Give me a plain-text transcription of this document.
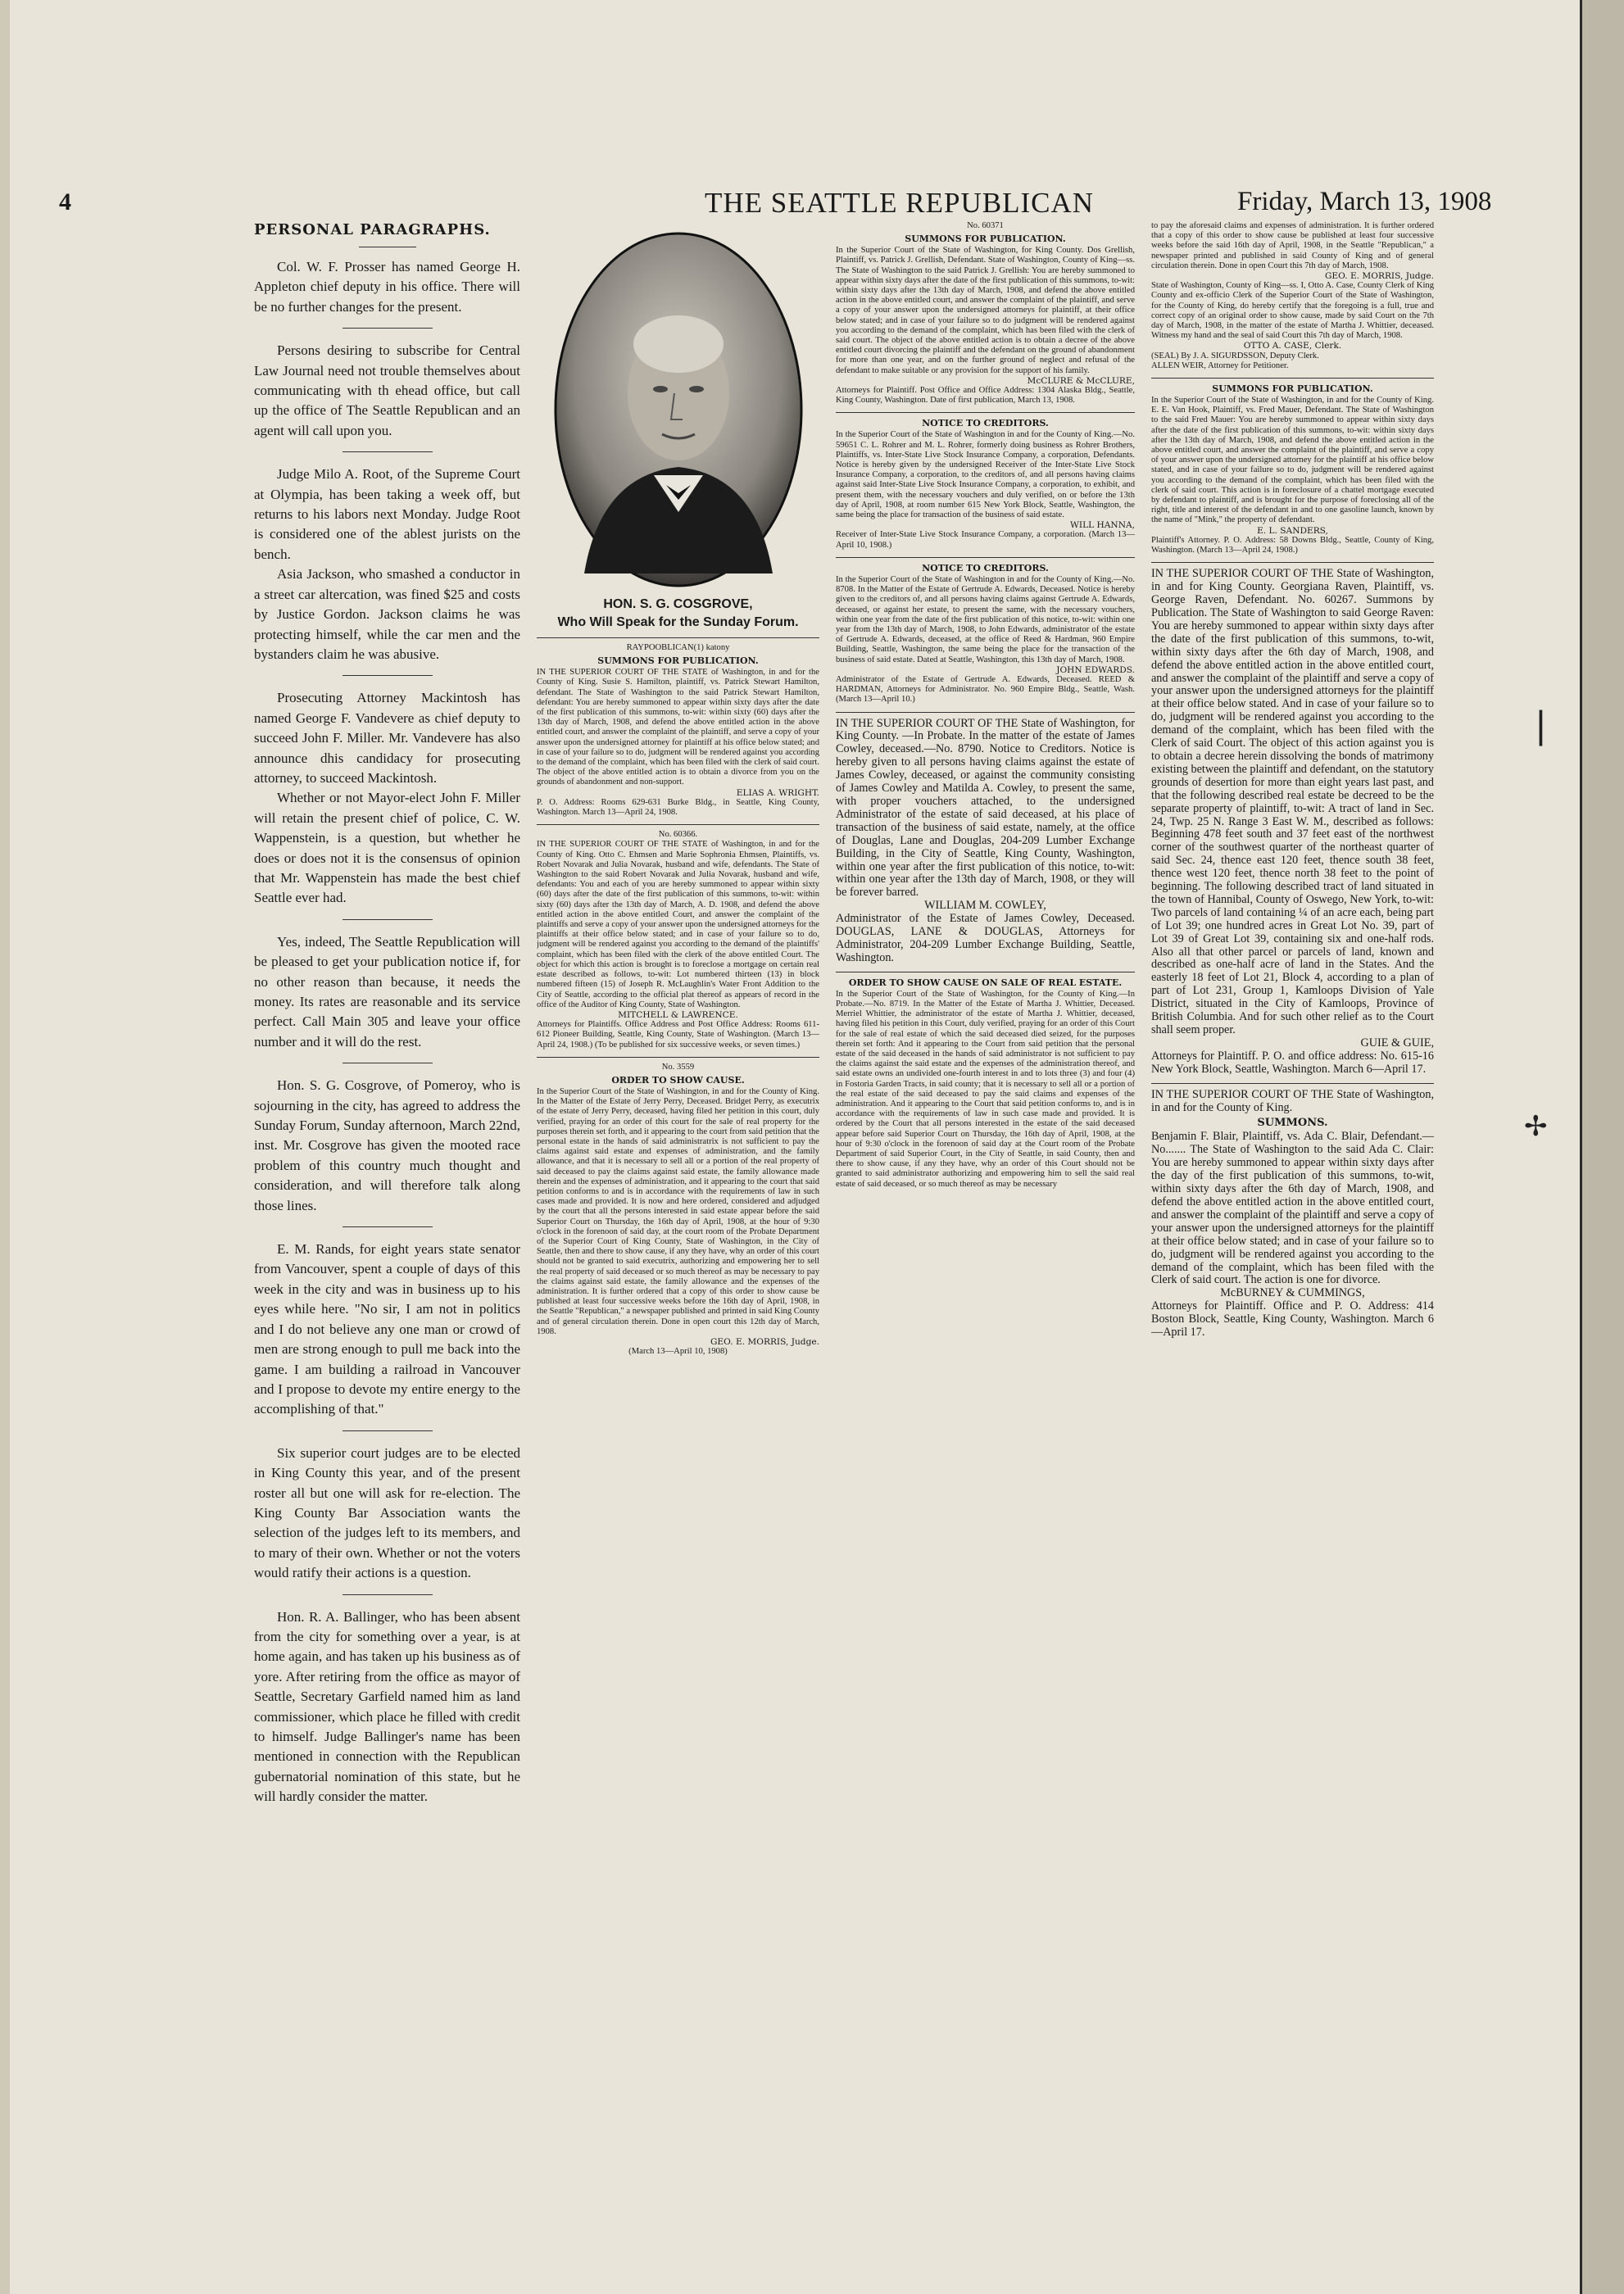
4	THE SEATTLE REPUBLICAN	Friday, March 13, 1908
PERSONAL PARAGRAPHS.

Col. W. F. Prosser has named George H. Appleton chief deputy in his office. There will be no further changes for the present.

Persons desiring to subscribe for Central Law Journal need not trouble themselves about communicating with th ehead office, but call up the office of The Seattle Republican and an agent will call upon you.

Judge Milo A. Root, of the Supreme Court at Olympia, has been taking a week off, but returns to his labors next Monday. Judge Root is considered one of the ablest jurists on the bench.

Asia Jackson, who smashed a conductor in a street car altercation, was fined $25 and costs by Justice Gordon. Jackson claims he was protecting himself, while the car men and the bystanders claim he was abusive.

Prosecuting Attorney Mackintosh has named George F. Vandevere as chief deputy to succeed John F. Miller. Mr. Vandevere has also announce dhis candidacy for prosecuting attorney, to succeed Mackintosh.

Whether or not Mayor-elect John F. Miller will retain the present chief of police, C. W. Wappenstein, is a question, but whether he does or does not it is the consensus of opinion that Mr. Wappenstein has made the best chief Seattle ever had.

Yes, indeed, The Seattle Republication will be pleased to get your publication notice if, for no other reason than because, it needs the money. Its rates are reasonable and its service perfect. Call Main 305 and leave your office number and it will do the rest.

Hon. S. G. Cosgrove, of Pomeroy, who is sojourning in the city, has agreed to address the Sunday Forum, Sunday afternoon, March 22nd, inst. Mr. Cosgrove has given the mooted race problem of this country much thought and consideration, and will therefore talk along those lines.

E. M. Rands, for eight years state senator from Vancouver, spent a couple of days of this week in the city and was in business up to his eyes while here. "No sir, I am not in politics and I do not believe any one man or crowd of men are strong enough to pull me back into the game. I am building a railroad in Vancouver and I propose to devote my entire energy to the accomplishing of that."

Six superior court judges are to be elected in King County this year, and of the present roster all but one will ask for re-election. The King County Bar Association wants the selection of the judges left to its members, and to mary of their own. Whether or not the voters would ratify their actions is a question.

Hon. R. A. Ballinger, who has been absent from the city for something over a year, is at home again, and has taken up his business as of yore. After retiring from the office as mayor of Seattle, Secretary Garfield named him as land commissioner, which place he filled with credit to himself. Judge Ballinger's name has been mentioned in connection with the Republican gubernatorial nomination of this state, but he will hardly consider the matter.

HON. S. G. COSGROVE,
Who Will Speak for the Sunday Forum.

RAYPOOBLICAN(1) katony

SUMMONS FOR PUBLICATION.

IN THE SUPERIOR COURT OF THE STATE of Washington, in and for the County of King. Susie S. Hamilton, plaintiff, vs. Patrick Stewart Hamilton, defendant. The State of Washington to the said Patrick Stewart Hamilton, defendant: You are hereby summoned to appear within sixty days after the date of the first publication of this summons, to-wit: within sixty (60) days after the 13th day of March, 1908, and defend the above entitled action in the above entitled court, and answer the complaint of the plaintiff, and serve a copy of your answer upon the undersigned attorney for plaintiff at his office below stated; and in case of your failure so to do, judgment will be rendered against you according to the demand of the complaint, which has been filed with the clerk of said court. The object of the above entitled action is to obtain a divorce from you on the grounds of abandonment and non-support.

ELIAS A. WRIGHT.

P. O. Address: Rooms 629-631 Burke Bldg., in Seattle, King County, Washington. March 13—April 24, 1908.

No. 60366.

IN THE SUPERIOR COURT OF THE STATE of Washington, in and for the County of King. Otto C. Ehmsen and Marie Sophronia Ehmsen, Plaintiffs, vs. Robert Novarak and Julia Novarak, husband and wife, defendants. The State of Washington to the said Robert Novarak and Julia Novarak, husband and wife, defendants: You and each of you are hereby summoned to appear within sixty (60) days after the date of the first publication of this summons, to-wit: within sixty (60) days after the 13th day of March, A. D. 1908, and defend the above entitled action in the above entitled Court, and answer the complaint of the plaintiffs and serve a copy of your answer upon the undersigned attorneys for the plaintiffs at their office below stated; and in case of your failure so to do, judgment will be rendered against you according to the demand of the plaintiffs' complaint, which has been filed with the clerk of the above entitled Court. The object for which this action is brought is to foreclose a mortgage on certain real estate described as follows, to-wit: Lot numbered thirteen (13) in block numbered fifteen (15) of Joseph R. McLaughlin's Water Front Addition to the City of Seattle, according to the official plat thereof as appears of record in the office of the Auditor of King County, State of Washington.

MITCHELL & LAWRENCE.

Attorneys for Plaintiffs. Office Address and Post Office Address: Rooms 611-612 Pioneer Building, Seattle, King County, State of Washington. (March 13—April 24, 1908.) (To be published for six successive weeks, or seven times.)

No. 3559

ORDER TO SHOW CAUSE.

In the Superior Court of the State of Washington, in and for the County of King. In the Matter of the Estate of Jerry Perry, Deceased. Bridget Perry, as executrix of the estate of Jerry Perry, deceased, having filed her petition in this court, duly verified, praying for an order of this court for the sale of real property for the purposes therein set forth, and it appearing to the court from said petition that the personal estate in the hands of said administratrix is not sufficient to pay the claims against said estate and expenses of administration, and the family allowance, and that it is necessary to sell all or a portion of the real property of said deceased to pay the claims against said estate, the family allowance made therein and the expenses of administration, and it appearing to the court that said petition conforms to and is in accordance with the requirements of law in such cases made and provided. It is now and here ordered, considered and adjudged by the court that all the persons interested in said estate appear before the said Superior Court on Thursday, the 16th day of April, 1908, at the hour of 9:30 o'clock in the forenoon of said day, at the court room of the Probate Department of the Superior Court of King County, State of Washington, in the City of Seattle, then and there to show cause, if any they have, why an order of this court should not be granted to said executrix, authorizing and empowering her to sell the real property of said deceased or so much thereof as may be necessary to pay the claims against said estate, the family allowance and the expenses of the administration. It is further ordered that a copy of this order to show cause be published at least four successive weeks before the 16th day of April, 1908, in the Seattle "Republican," a newspaper published and printed in said King County and of general circulation therein. Done in open court this 12th day of March, 1908.

GEO. E. MORRIS, Judge.

(March 13—April 10, 1908)

No. 60371

SUMMONS FOR PUBLICATION.

In the Superior Court of the State of Washington, for King County. Dos Grellish, Plaintiff, vs. Patrick J. Grellish, Defendant. State of Washington, County of King—ss. The State of Washington to the said Patrick J. Grellish: You are hereby summoned to appear within sixty days after the date of the first publication of this summons, to-wit: within sixty days after the 13th day of March, 1908, and defend the above entitled action in the above entitled court, and answer the complaint of the plaintiff, and serve a copy of your answer upon the undersigned attorneys for plaintiff, at their office below stated; and in case of your failure so to do judgment will be rendered against you according to the demand of the complaint, which has been filed with the clerk of said court. The object of the above entitled action is to obtain a decree of the above entitled court divorcing the plaintiff and the defendant on the ground of abandonment for more than one year, and on the further ground of neglect and refusal of the defendant to make suitable or any provision for the support of his family.

McCLURE & McCLURE,

Attorneys for Plaintiff. Post Office and Office Address: 1304 Alaska Bldg., Seattle, King County, Washington. Date of first publication, March 13, 1908.

NOTICE TO CREDITORS.

In the Superior Court of the State of Washington in and for the County of King.—No. 59651 C. L. Rohrer and M. L. Rohrer, formerly doing business as Rohrer Brothers, Plaintiffs, vs. Inter-State Live Stock Insurance Company, a corporation, Defendants. Notice is hereby given by the undersigned Receiver of the Inter-State Live Stock Insurance Company, a corporation, to the creditors of, and all persons having claims against said Inter-State Live Stock Insurance Company, a corporation, to exhibit, and present them, with the necessary vouchers and duly verified, on or before the 13th day of April, 1908, at room number 615 New York Block, Seattle, Washington, the same being the place for transaction of the business of said estate.

WILL HANNA,

Receiver of Inter-State Live Stock Insurance Company, a corporation. (March 13—April 10, 1908.)

NOTICE TO CREDITORS.

In the Superior Court of the State of Washington in and for the County of King.—No. 8708. In the Matter of the Estate of Gertrude A. Edwards, Deceased. Notice is hereby given to the creditors of, and all persons having claims against Gertrude A. Edwards, deceased, or against her estate, to present the same, with the necessary vouchers, within one year from the date of the first publication of this notice, to-wit: within one year from the 13th day of March, 1908, to John Edwards, administrator of the estate of Gertrude A. Edwards, deceased, at the office of Reed & Hardman, 960 Empire Building, Seattle, Washington, the same being the place for the transaction of the business of said estate. Dated at Seattle, Washington, this 13th day of March, 1908.

JOHN EDWARDS.

Administrator of the Estate of Gertrude A. Edwards, Deceased. REED & HARDMAN, Attorneys for Administrator. No. 960 Empire Bldg., Seattle, Wash. (March 13—April 10.)

IN THE SUPERIOR COURT OF THE State of Washington, for King County. —In Probate. In the matter of the estate of James Cowley, deceased.—No. 8790. Notice to Creditors. Notice is hereby given to all persons having claims against the estate of James Cowley, deceased, or against the community consisting of James Cowley and Matilda A. Cowley, to present the same, with proper vouchers attached, to the undersigned Administrator of the estate of said deceased, at his place of transaction of the business of said estate, namely, at the office of Douglas, Lane and Douglas, 204-209 Lumber Exchange Building, in the City of Seattle, King County, Washington, within one year after the first publication of this notice, to-wit: within one year after the 13th day of March, 1908, or they will be forever barred.

WILLIAM M. COWLEY,

Administrator of the Estate of James Cowley, Deceased. DOUGLAS, LANE & DOUGLAS, Attorneys for Administrator, 204-209 Lumber Exchange Building, Seattle, Washington.

ORDER TO SHOW CAUSE ON SALE OF REAL ESTATE.

In the Superior Court of the State of Washington, for the County of King.—In Probate.—No. 8719. In the Matter of the Estate of Martha J. Whittier, Deceased. Merriel Whittier, the administrator of the estate of Martha J. Whittier, deceased, having filed his petition in this Court, duly verified, praying for an order of this Court for the sale of real estate of which the said deceased died seized, for the purposes therein set forth: And it appearing to the Court from said petition that the personal estate of the said deceased in the hands of said administrator is not sufficient to pay the claims against the said estate and the expenses of the administration thereof, and said estate owns an undivided one-fourth interest in and to lots three (3) and four (4) in Fostoria Garden Tracts, in said county; that it is necessary to sell all or a portion of the real estate of the said deceased to pay the said claims and expenses of the administration. And it appearing to the Court that said petition conforms to, and is in accordance with the requirements of law in such case made and provided. It is ordered by the Court that all persons interested in the estate of the said deceased appear before said Superior Court on Thursday, the 16th day of April, 1908, at the hour of 9:30 o'clock in the forenoon of said day at the Court room of the Probate Department of said Superior Court, in the City of Seattle, in said County, then and there to show cause, if any they have, why an order of this Court should not be granted to said administrator authorizing and empowering him to sell the said real estate of said deceased, or so much thereof as may be necessary

to pay the aforesaid claims and expenses of administration. It is further ordered that a copy of this order to show cause be published at least four successive weeks before the said 16th day of April, 1908, in the Seattle "Republican," a newspaper printed and published in said County of King and of general circulation therein. Done in open Court this 7th day of March, 1908.

GEO. E. MORRIS, Judge.

State of Washington, County of King—ss. I, Otto A. Case, County Clerk of King County and ex-officio Clerk of the Superior Court of the State of Washington, for the County of King, do hereby certify that the foregoing is a full, true and correct copy of an original order to show cause, made by said Court on the 7th day of March, 1908, in the matter of the estate of Martha J. Whittier, deceased. Witness my hand and the seal of said Court this 7th day of March, 1908.

OTTO A. CASE, Clerk.

(SEAL) By J. A. SIGURDSSON, Deputy Clerk.

ALLEN WEIR, Attorney for Petitioner.

SUMMONS FOR PUBLICATION.

In the Superior Court of the State of Washington, in and for the County of King. E. E. Van Hook, Plaintiff, vs. Fred Mauer, Defendant. The State of Washington to the said Fred Mauer: You are hereby summoned to appear within sixty days after the date of the first publication of this summons, to-wit: within sixty days after the 13th day of March, 1908, and defend the above entitled action in the above entitled court, and answer the complaint of the plaintiff, and serve a copy of your answer upon the undersigned attorney for the plaintiff at his office below stated, and in case of your failure so to do, judgment will be rendered against you according to the demand of the complaint, which has been filed with the clerk of said court. This action is in foreclosure of a chattel mortgage executed by defendant to plaintiff, and is brought for the purpose of foreclosing all of the right, title and interest of the defendant in and to one gasoline launch, known by the name of "Mink," the property of defendant.

E. L. SANDERS,

Plaintiff's Attorney. P. O. Address: 58 Downs Bldg., Seattle, County of King, Washington. (March 13—April 24, 1908.)

IN THE SUPERIOR COURT OF THE State of Washington, in and for King County. Georgiana Raven, Plaintiff, vs. George Raven, Defendant. No. 60267. Summons by Publication. The State of Washington to said George Raven: You are hereby summoned to appear within sixty days after the date of the first publication of this summons, to-wit, within sixty days after the 6th day of March, 1908, and defend the above entitled action in the above entitled court, and answer the complaint of the plaintiff and serve a copy of your answer upon the undersigned attorneys for the plaintiff at their office below stated. And in case of your failure so to do, judgment will be rendered against you according to the demand of the complaint, which has been filed with the Clerk of said Court. The object of this action against you is to obtain a decree herein dissolving the bonds of matrimony existing between the plaintiff and defendant, on the statutory grounds of desertion for more than eight years last past, and that the following described real estate be decreed to be the separate property of plaintiff, to-wit: A tract of land in Sec. 24, Twp. 25 N. Range 3 East W. M., described as follows: Beginning 478 feet south and 37 feet east of the northwest corner of the southwest quarter of the northeast quarter of said Sec. 24, thence east 120 feet, thence south 38 feet, thence west 120 feet, thence north 38 feet to the point of beginning. The following described tract of land situated in the town of Hannibal, County of Oswego, New York, to-wit: Two parcels of land containing ¼ of an acre each, being part of Lot 39; one hundred acres in Great Lot No. 39, part of Lot 39 of Great Lot 39, containing six and one-half rods. Also all that other parcel or parcels of land, known and described as one-half acre of land in the States. And the easterly 18 feet of Lot 21, Block 4, according to a plan of part of Lot 231, Group 1, Kamloops Division of Yale District, situated in the City of Kamloops, Province of British Columbia. And for such other relief as to the Court shall seem proper.

GUIE & GUIE,

Attorneys for Plaintiff. P. O. and office address: No. 615-16 New York Block, Seattle, Washington. March 6—April 17.

IN THE SUPERIOR COURT OF THE State of Washington, in and for the County of King.

SUMMONS.

Benjamin F. Blair, Plaintiff, vs. Ada C. Blair, Defendant.—No....... The State of Washington to the said Ada C. Clair: You are hereby summoned to appear within sixty days after the day of the first publication of this summons, to-wit, within sixty days after the 6th day of March, 1908, and defend the above entitled action in the above entitled court, and answer the complaint of the plaintiff and serve a copy of your answer upon the undersigned attorneys for the plaintiff at their office below stated; and in case of your failure so to do, judgment will be rendered against you according to the demand of the complaint, which has been filed with the Clerk of said court. The action is one for divorce.

McBURNEY & CUMMINGS,

Attorneys for Plaintiff. Office and P. O. Address: 414 Boston Block, Seattle, King County, Washington. March 6—April 17.

❘
✢
